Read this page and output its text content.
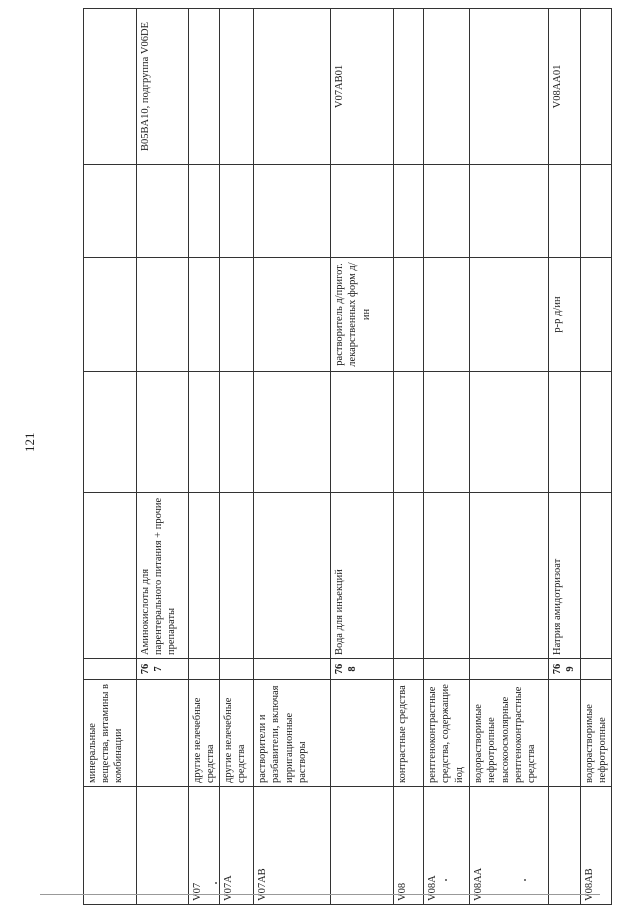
121
	минеральные вещества, витамины в комбинации						
		767	Аминокислоты для парентерального питания + прочие препараты				B05BA10, подгруппа V06DE
V07	другие нелечебные средства						
V07A	другие нелечебные средства						
V07AB	растворители и разбавители, включая ирригационные растворы						
		768	Вода для инъекций		растворитель д/пригот. лекарственных форм д/ин		V07AB01
V08	контрастные средства						
V08A	рентгеноконтрастные средства, содержащие йод						
V08AA	водорастворимые нефротропные высокоосмолярные рентгеноконтрастные средства						
		769	Натрия амидотризоат		р-р д/ин		V08AA01
V08AB	водорастворимые нефротропные						
